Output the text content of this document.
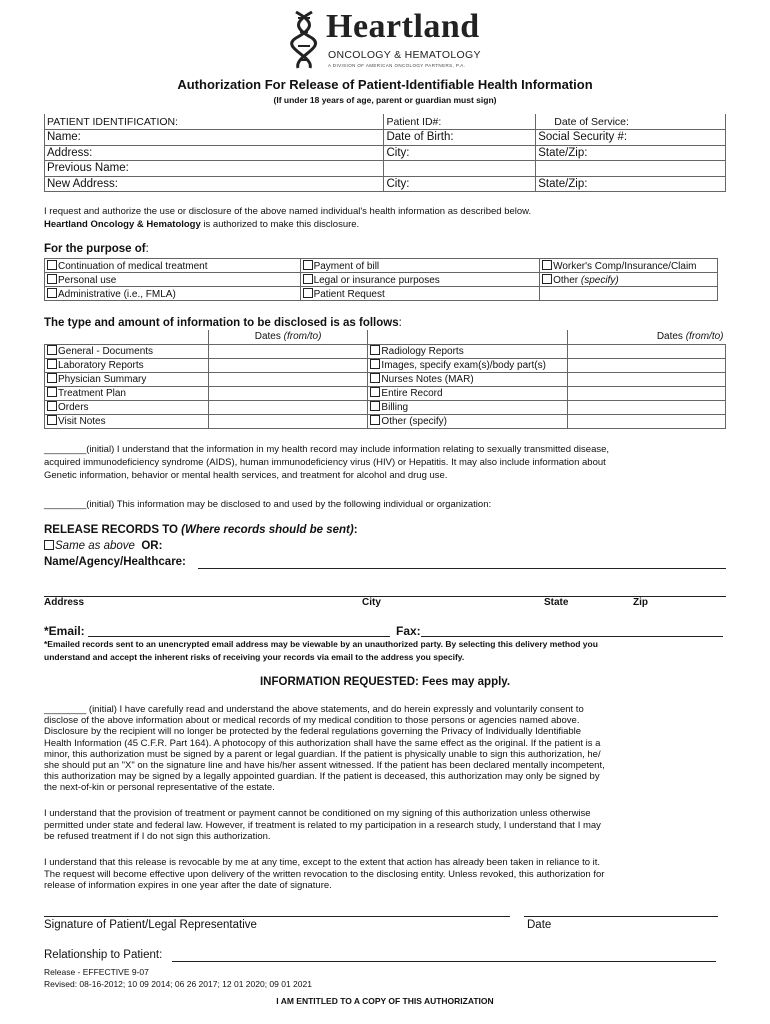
Heartland
ONCOLOGY & HEMATOLOGY
A DIVISION OF AMERICAN ONCOLOGY PARTNERS, P.A.
Authorization For Release of Patient-Identifiable Health Information
(If under 18 years of age, parent or guardian must sign)
PATIENT IDENTIFICATION:	Patient ID#:	Date of Service:
Name:	Date of Birth:	Social Security #:
Address:	City:	State/Zip:
Previous Name:		
New Address:	City:	State/Zip:
I request and authorize the use or disclosure of the above named individual's health information as described below.
Heartland Oncology & Hematology is authorized to make this disclosure.
For the purpose of:
Continuation of medical treatment	Payment of bill	Worker's Comp/Insurance/Claim
Personal use	Legal or insurance purposes	Other (specify)
Administrative (i.e., FMLA)	Patient Request	
The type and amount of information to be disclosed is as follows:
	Dates (from/to)		Dates (from/to)
General - Documents		Radiology Reports	
Laboratory Reports		Images, specify exam(s)/body part(s)	
Physician Summary		Nurses Notes (MAR)	
Treatment Plan		Entire Record	
Orders		Billing	
Visit Notes		Other (specify)	
________(initial) I understand that the information in my health record may include information relating to sexually transmitted disease,
acquired immunodeficiency syndrome (AIDS), human immunodeficiency virus (HIV) or Hepatitis. It may also include information about
Genetic information, behavior or mental health services, and treatment for alcohol and drug use.
________(initial) This information may be disclosed to and used by the following individual or organization:
RELEASE RECORDS TO (Where records should be sent):
Same as above OR:
Name/Agency/Healthcare:
Address	City	State	Zip
*Email:	Fax:
*Emailed records sent to an unencrypted email address may be viewable by an unauthorized party. By selecting this delivery method you
understand and accept the inherent risks of receiving your records via email to the address you specify.
INFORMATION REQUESTED: Fees may apply.
________ (initial) I have carefully read and understand the above statements, and do herein expressly and voluntarily consent to
disclose of the above information about or medical records of my medical condition to those persons or agencies named above.
Disclosure by the recipient will no longer be protected by the federal regulations governing the Privacy of Individually Identifiable
Health Information (45 C.F.R. Part 164). A photocopy of this authorization shall have the same effect as the original. If the patient is a
minor, this authorization must be signed by a parent or legal guardian. If the patient is physically unable to sign this authorization, he/
she should put an "X" on the signature line and have his/her assent witnessed. If the patient has been declared mentally incompetent,
this authorization may be signed by a legally appointed guardian. If the patient is deceased, this authorization may only be signed by
the next-of-kin or personal representative of the estate.
I understand that the provision of treatment or payment cannot be conditioned on my signing of this authorization unless otherwise
permitted under state and federal law. However, if treatment is related to my participation in a research study, I understand that I may
be refused treatment if I do not sign this authorization.
I understand that this release is revocable by me at any time, except to the extent that action has already been taken in reliance to it.
The request will become effective upon delivery of the written revocation to the disclosing entity. Unless revoked, this authorization for
release of information expires in one year after the date of signature.
Signature of Patient/Legal Representative	Date
Relationship to Patient:
Release - EFFECTIVE 9-07
Revised: 08-16-2012; 10 09 2014; 06 26 2017; 12 01 2020; 09 01 2021
I AM ENTITLED TO A COPY OF THIS AUTHORIZATION
